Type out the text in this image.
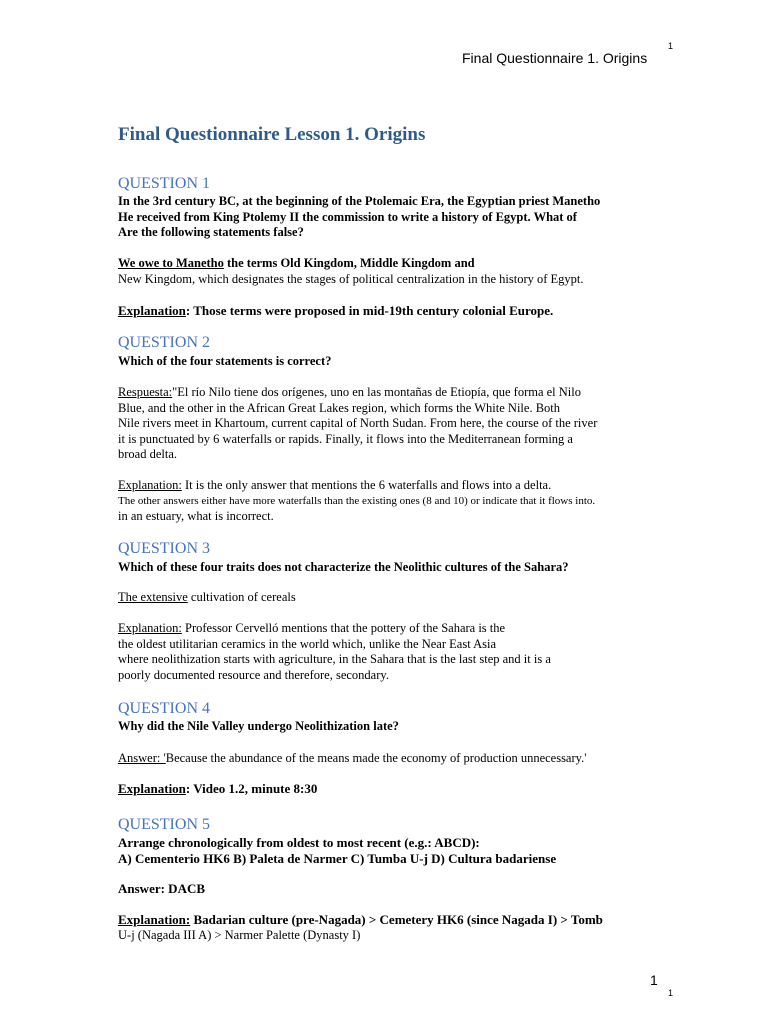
1
Final Questionnaire 1. Origins
Final Questionnaire Lesson 1. Origins
QUESTION 1

In the 3rd century BC, at the beginning of the Ptolemaic Era, the Egyptian priest Manetho

He received from King Ptolemy II the commission to write a history of Egypt. What of

Are the following statements false?

We owe to Manetho the terms Old Kingdom, Middle Kingdom and

New Kingdom, which designates the stages of political centralization in the history of Egypt.

Explanation: Those terms were proposed in mid-19th century colonial Europe.

QUESTION 2

Which of the four statements is correct?

Respuesta:"El río Nilo tiene dos orígenes, uno en las montañas de Etiopía, que forma el Nilo

Blue, and the other in the African Great Lakes region, which forms the White Nile. Both

Nile rivers meet in Khartoum, current capital of North Sudan. From here, the course of the river

it is punctuated by 6 waterfalls or rapids. Finally, it flows into the Mediterranean forming a

broad delta.

Explanation: It is the only answer that mentions the 6 waterfalls and flows into a delta.

The other answers either have more waterfalls than the existing ones (8 and 10) or indicate that it flows into.

in an estuary, what is incorrect.

QUESTION 3

Which of these four traits does not characterize the Neolithic cultures of the Sahara?

The extensive cultivation of cereals

Explanation: Professor Cervelló mentions that the pottery of the Sahara is the

the oldest utilitarian ceramics in the world which, unlike the Near East Asia

where neolithization starts with agriculture, in the Sahara that is the last step and it is a

poorly documented resource and therefore, secondary.

QUESTION 4

Why did the Nile Valley undergo Neolithization late?

Answer: 'Because the abundance of the means made the economy of production unnecessary.'

Explanation: Video 1.2, minute 8:30

QUESTION 5

Arrange chronologically from oldest to most recent (e.g.: ABCD):

A) Cementerio HK6 B) Paleta de Narmer C) Tumba U-j D) Cultura badariense

Answer: DACB

Explanation: Badarian culture (pre-Nagada) > Cemetery HK6 (since Nagada I) > Tomb

U-j (Nagada III A) > Narmer Palette (Dynasty I)

1
1
